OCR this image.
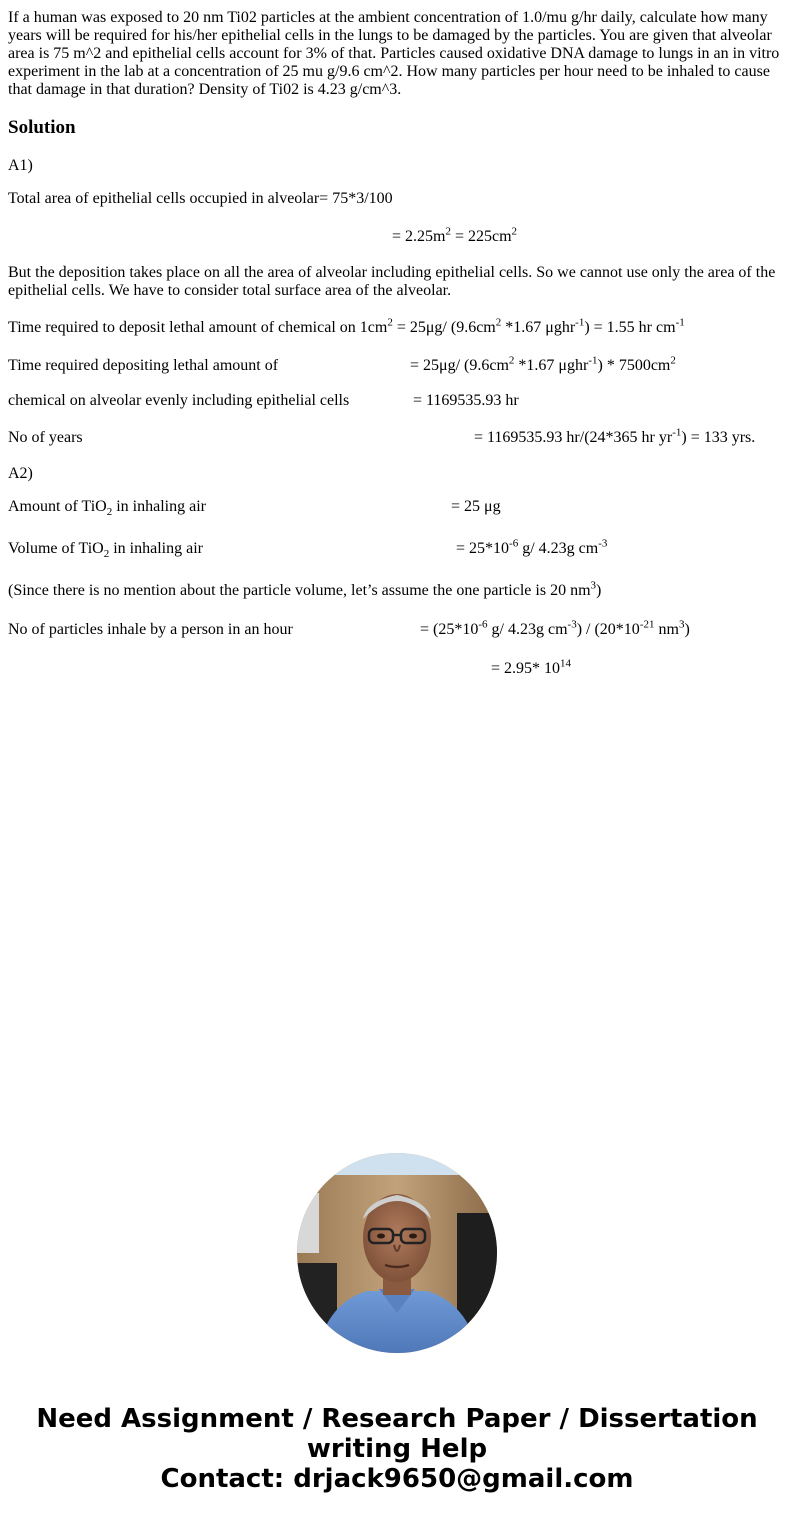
If a human was exposed to 20 nm Ti02 particles at the ambient concentration of 1.0/mu g/hr daily, calculate how many years will be required for his/her epithelial cells in the lungs to be damaged by the particles. You are given that alveolar area is 75 m^2 and epithelial cells account for 3% of that. Particles caused oxidative DNA damage to lungs in an in vitro experiment in the lab at a concentration of 25 mu g/9.6 cm^2. How many particles per hour need to be inhaled to cause that damage in that duration? Density of Ti02 is 4.23 g/cm^3.

Solution
A1)
Total area of epithelial cells occupied in alveolar= 75*3/100
= $2.25m^2 = 225cm^2$

But the deposition takes place on all the area of alveolar including epithelial cells. So we cannot use only the area of the epithelial cells. We have to consider total surface area of the alveolar.

Time required to deposit lethal amount of chemical on $1cm^2 = 25\mu g/$ ($9.6cm^2$ *1.67 μghr$^{-1}$) = 1.55 hr $cm^{-1}$
Time required depositing lethal amount of	= 25μg/ ($9.6cm^2$ *1.67 $\mu ghr^{-1}) * 7500cm^2$
chemical on alveolar evenly including epithelial cells	= 1169535.93 hr
No of years	= 1169535.93 hr/(24*365 hr $yr^{-1}) = 133$ yrs.
A2)
Amount of TiO$_2$ in inhaling air	= 25 μg
Volume of TiO$_2$ in inhaling air	= $25*10^{-6}$ g/ 4.23g $cm^{-3}$
(Since there is no mention about the particle volume, let’s assume the one particle is 20 $nm^3$)
No of particles inhale by a person in an hour	= ($25*10^{-6}$ g/ 4.23g $cm^{-3}) / (20*10^{-21}$ $nm^3$)
= 2.95* $10^{14}$
Need Assignment / Research Paper / Dissertation
writing Help
Contact: drjack9650@gmail.com
